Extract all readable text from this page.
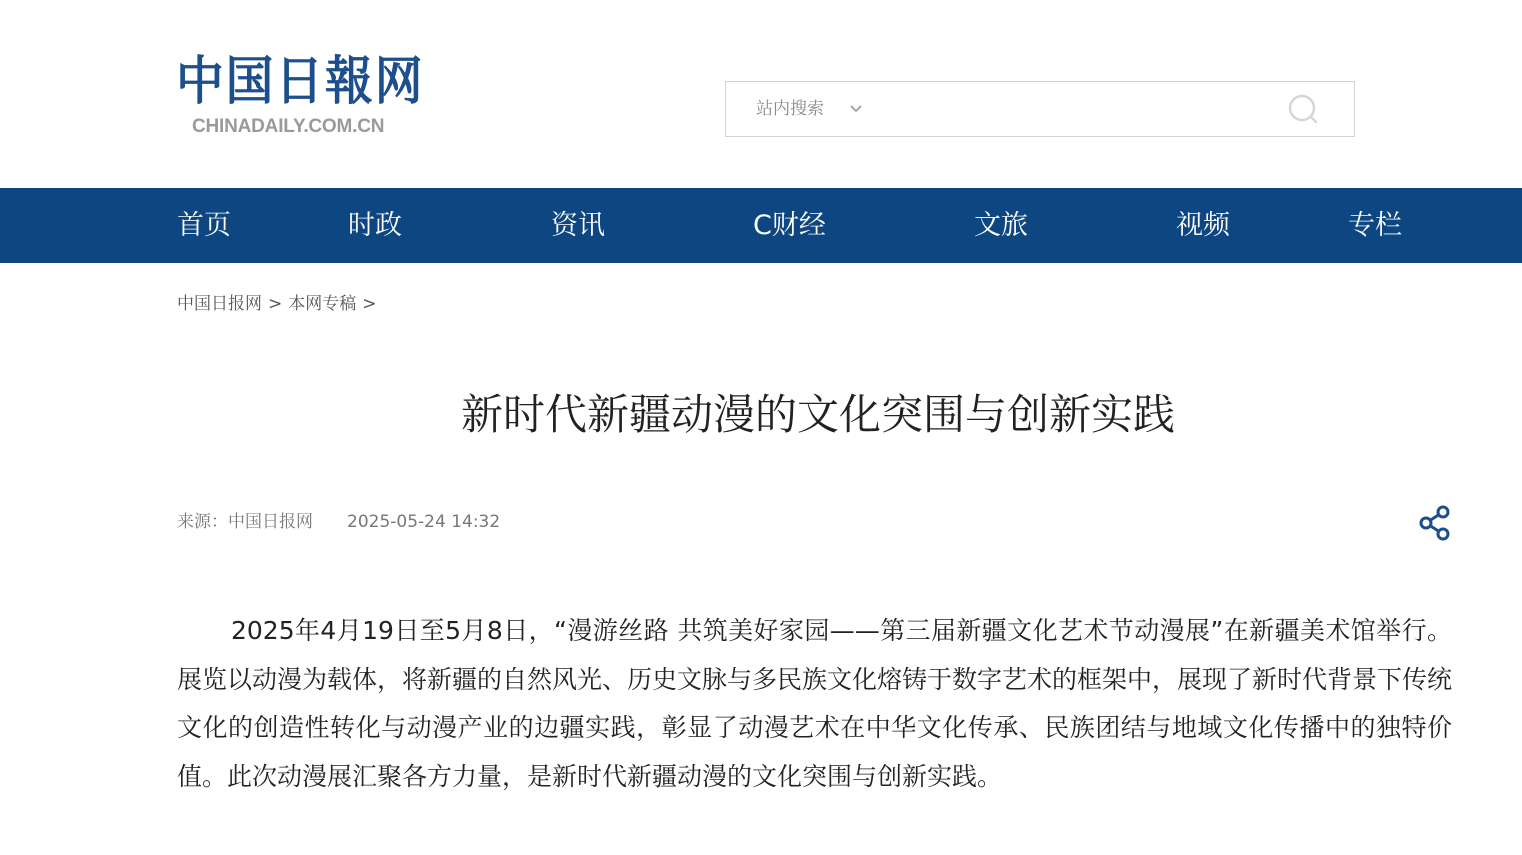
中国日報网
CHINADAILY.COM.CN
站内搜索
首页	时政	资讯	C财经	文旅	视频	专栏
中国日报网 > 本网专稿 >
新时代新疆动漫的文化突围与创新实践
来源：中国日报网 2025-05-24 14:32

2025年4月19日至5月8日，“漫游丝路 共筑美好家园——第三届新疆文化艺术节动漫展”在新疆美术馆举行。展览以动漫为载体，将新疆的自然风光、历史文脉与多民族文化熔铸于数字艺术的框架中，展现了新时代背景下传统文化的创造性转化与动漫产业的边疆实践，彰显了动漫艺术在中华文化传承、民族团结与地域文化传播中的独特价值。此次动漫展汇聚各方力量，是新时代新疆动漫的文化突围与创新实践。
